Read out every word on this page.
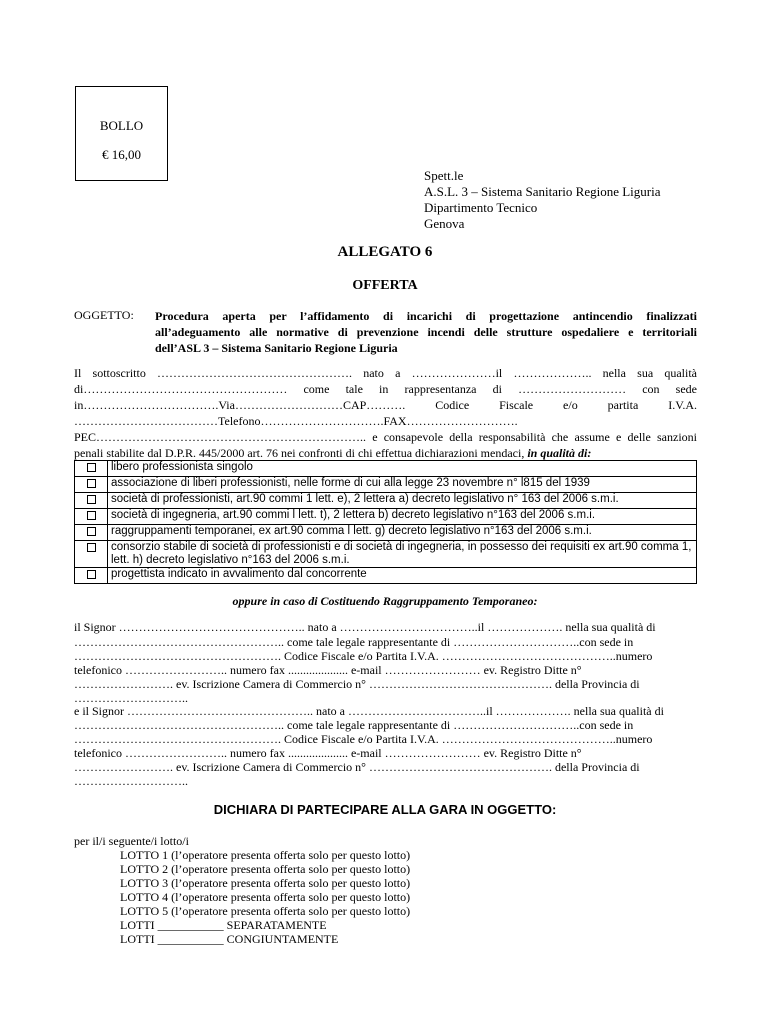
BOLLO
€ 16,00
Spett.le
A.S.L. 3 – Sistema Sanitario Regione Liguria
Dipartimento Tecnico
Genova
ALLEGATO 6
OFFERTA
OGGETTO: Procedura aperta per l’affidamento di incarichi di progettazione antincendio finalizzati
all’adeguamento alle normative di prevenzione incendi delle strutture ospedaliere e territoriali
dell’ASL 3 – Sistema Sanitario Regione Liguria
Il sottoscritto …………………………………………. nato a …………………il ……………….. nella sua qualità
di…………………………………………… come tale in rappresentanza di ……………………… con sede
in…………………………….Via………………………CAP………. Codice Fiscale e/o partita I.V.A.
………………………………Telefono………………………….FAX……………………….
PEC………………………………………………………….. e consapevole della responsabilità che assume e delle sanzioni
penali stabilite dal D.P.R. 445/2000 art. 76 nei confronti di chi effettua dichiarazioni mendaci, in qualità di:
	libero professionista singolo
	associazione di liberi professionisti, nelle forme di cui alla legge 23 novembre n° l815 del 1939
	società di professionisti, art.90 commi 1 lett. e), 2 lettera a) decreto legislativo n° 163 del 2006 s.m.i.
	società di ingegneria, art.90 commi l lett. t), 2 lettera b) decreto legislativo n°163 del 2006 s.m.i.
	raggruppamenti temporanei, ex art.90 comma l lett. g) decreto legislativo n°163 del 2006 s.m.i.
	consorzio stabile di società di professionisti e di società di ingegneria, in possesso dei requisiti ex art.90 comma 1, lett. h) decreto legislativo n°163 del 2006 s.m.i.
	progettista indicato in avvalimento dal concorrente
oppure in caso di Costituendo Raggruppamento Temporaneo:
il Signor ……………………………………….. nato a ……………………………..il ………………. nella sua qualità di
…………………………………………….. come tale legale rappresentante di …………………………..con sede in
……………………………………………. Codice Fiscale e/o Partita I.V.A. ……………………………………..numero
telefonico …………………….. numero fax .................... e-mail …………………… ev. Registro Ditte n°
……………………. ev. Iscrizione Camera di Commercio n° ………………………………………. della Provincia di
………………………..
e il Signor ……………………………………….. nato a ……………………………..il ………………. nella sua qualità di
…………………………………………….. come tale legale rappresentante di …………………………..con sede in
……………………………………………. Codice Fiscale e/o Partita I.V.A. ……………………………………..numero
telefonico …………………….. numero fax .................... e-mail …………………… ev. Registro Ditte n°
……………………. ev. Iscrizione Camera di Commercio n° ………………………………………. della Provincia di
………………………..
DICHIARA DI PARTECIPARE ALLA GARA IN OGGETTO:
per il/i seguente/i lotto/i
LOTTO 1 (l’operatore presenta offerta solo per questo lotto)
LOTTO 2 (l’operatore presenta offerta solo per questo lotto)
LOTTO 3 (l’operatore presenta offerta solo per questo lotto)
LOTTO 4 (l’operatore presenta offerta solo per questo lotto)
LOTTO 5 (l’operatore presenta offerta solo per questo lotto)
LOTTI ___________ SEPARATAMENTE
LOTTI ___________ CONGIUNTAMENTE
